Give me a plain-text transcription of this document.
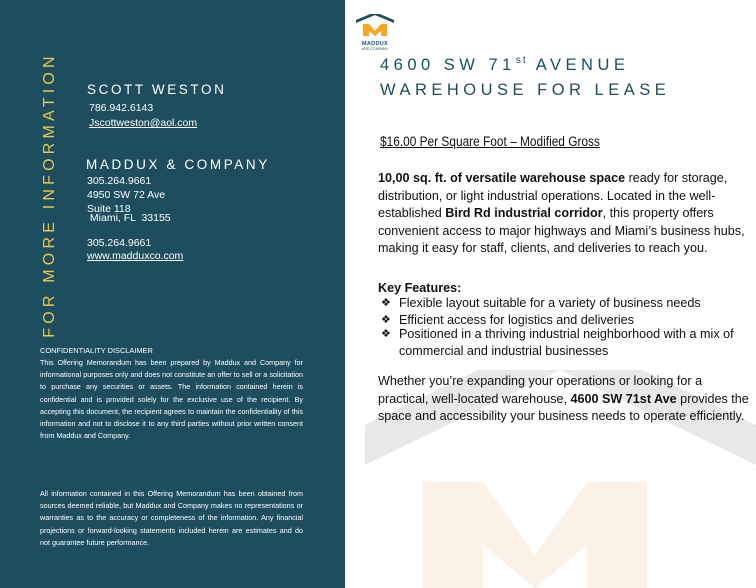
FOR MORE INFORMATION SCOTT WESTON
786.942.6143
Jscottweston@aol.com
MADDUX & COMPANY
305.264.9661
4950 SW 72 Ave
Suite 118
Miami, FL  33155
305.264.9661
www.madduxco.com
CONFIDENTIALITY DISCLAIMER
This Offering Memorandum has been prepared by Maddux and Company for informational purposes only and does not constitute an offer to sell or a solicitation to purchase any securities or assets. The information contained herein is confidential and is provided solely for the exclusive use of the recipient. By accepting this document, the recipient agrees to maintain the confidentiality of this information and not to disclose it to any third parties without prior written consent from Maddux and Company.
All information contained in this Offering Memorandum has been obtained from sources deemed reliable, but Maddux and Company makes no representations or warranties as to the accuracy or completeness of the information. Any financial projections or forward-looking statements included herein are estimates and do not guarantee future performance.
4600 SW 71st AVENUE
WAREHOUSE FOR LEASE
$16.00 Per Square Foot – Modified Gross
10,00 sq. ft. of versatile warehouse space ready for storage, distribution, or light industrial operations. Located in the well-established Bird Rd industrial corridor, this property offers convenient access to major highways and Miami’s business hubs, making it easy for staff, clients, and deliveries to reach you.
Key Features:
❖ Flexible layout suitable for a variety of business needs
❖ Efficient access for logistics and deliveries
❖ Positioned in a thriving industrial neighborhood with a mix of commercial and industrial businesses
Whether you’re expanding your operations or looking for a practical, well-located warehouse, 4600 SW 71st Ave provides the space and accessibility your business needs to operate efficiently.
MADDUX
AND COMPANY
